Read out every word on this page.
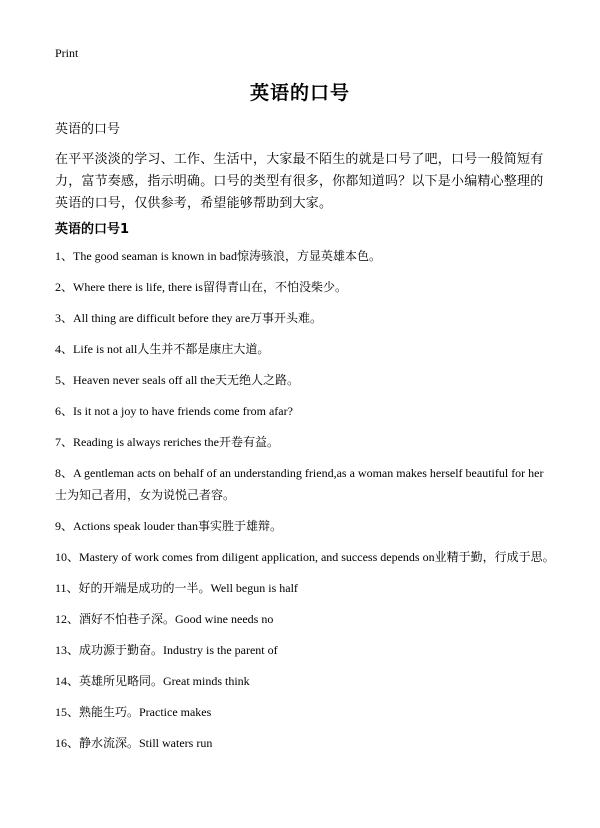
Print
英语的口号
英语的口号
在平平淡淡的学习、工作、生活中，大家最不陌生的就是口号了吧，口号一般简短有力，富节奏感，指示明确。口号的类型有很多，你都知道吗？以下是小编精心整理的英语的口号，仅供参考，希望能够帮助到大家。
英语的口号1
1、The good seaman is known in bad惊涛骇浪，方显英雄本色。
2、Where there is life, there is留得青山在，不怕没柴少。
3、All thing are difficult before they are万事开头难。
4、Life is not all人生并不都是康庄大道。
5、Heaven never seals off all the天无绝人之路。
6、Is it not a joy to have friends come from afar?
7、Reading is always reriches the开卷有益。
8、A gentleman acts on behalf of an understanding friend,as a woman makes herself beautiful for her士为知己者用，女为说悦己者容。
9、Actions speak louder than事实胜于雄辩。
10、Mastery of work comes from diligent application, and success depends on业精于勤，行成于思。
11、好的开端是成功的一半。Well begun is half
12、酒好不怕巷子深。Good wine needs no
13、成功源于勤奋。Industry is the parent of
14、英雄所见略同。Great minds think
15、熟能生巧。Practice makes
16、静水流深。Still waters run
